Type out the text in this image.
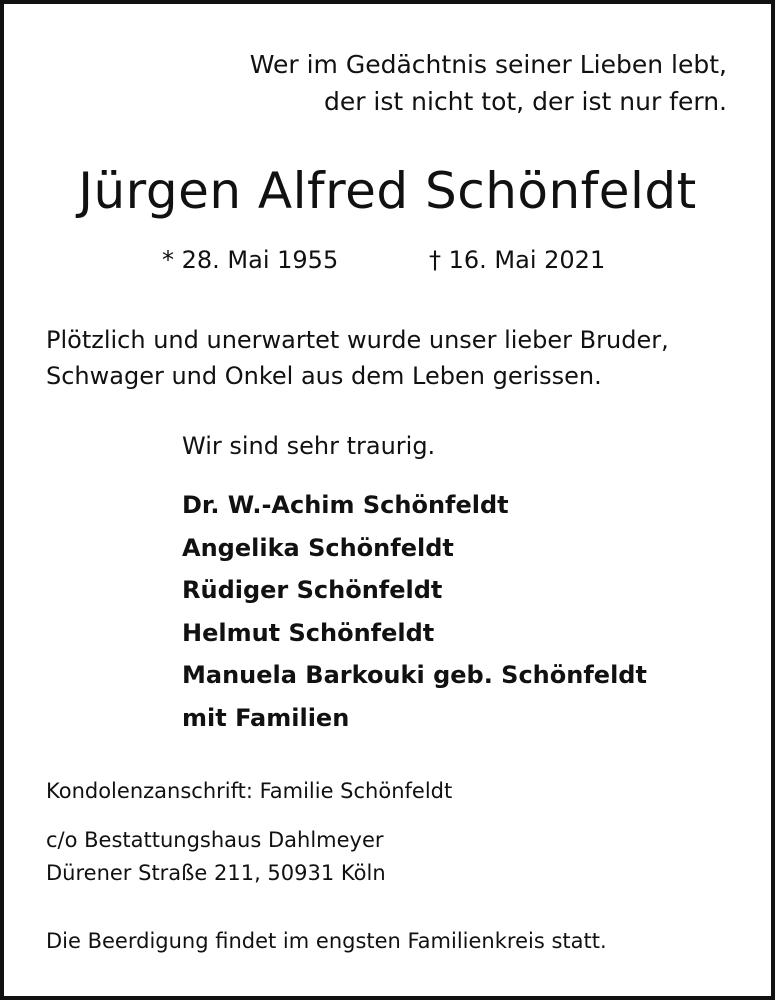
Wer im Gedächtnis seiner Lieben lebt,
der ist nicht tot, der ist nur fern.
Jürgen Alfred Schönfeldt
* 28. Mai 1955	† 16. Mai 2021
Plötzlich und unerwartet wurde unser lieber Bruder,
Schwager und Onkel aus dem Leben gerissen.
Wir sind sehr traurig.
Dr. W.-Achim Schönfeldt
Angelika Schönfeldt
Rüdiger Schönfeldt
Helmut Schönfeldt
Manuela Barkouki geb. Schönfeldt
mit Familien
Kondolenzanschrift: Familie Schönfeldt
c/o Bestattungshaus Dahlmeyer
Dürener Straße 211, 50931 Köln
Die Beerdigung findet im engsten Familienkreis statt.
